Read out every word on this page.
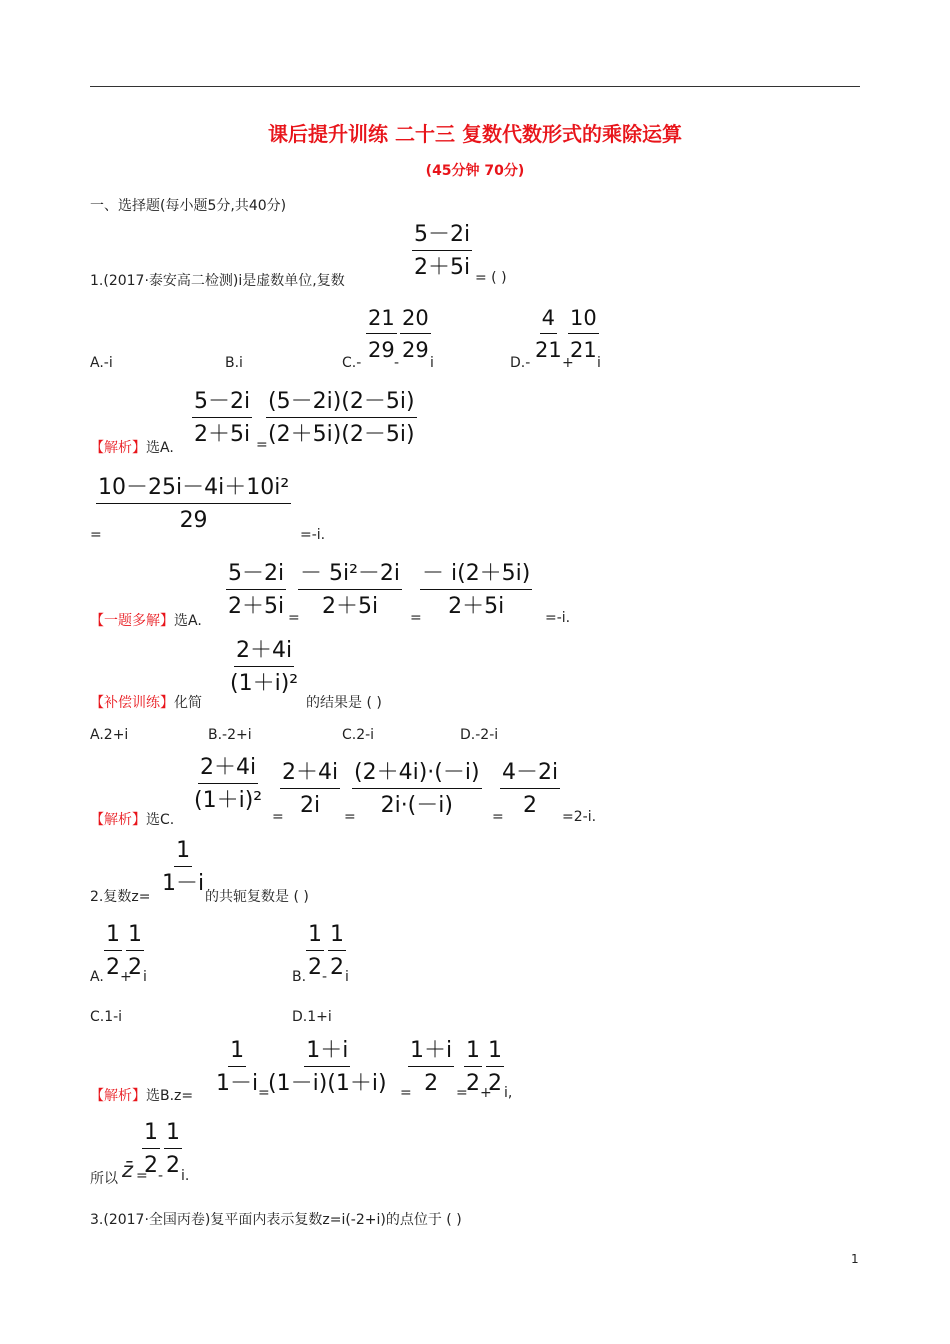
课后提升训练 二十三 复数代数形式的乘除运算
(45分钟 70分)
一、选择题(每小题5分,共40分)
5－2i
2＋5i
1.(2017·泰安高二检测)i是虚数单位,复数	= ( )
A.-i	B.i	C.-
21
29
-
20
29
i	D.-
4
21
+
10
21
i
【解析】选A.
5－2i
2＋5i =
(5－2i)(2－5i)
(2＋5i)(2－5i)
10－25i－4i＋10i²
29
=	=-i.
【一题多解】选A.
5－2i
2＋5i =
－ 5i²－2i
2＋5i =
－ i(2＋5i)
2＋5i	=-i.
【补偿训练】化简
2＋4i
(1＋i)²
的结果是 ( )
A.2+i	B.-2+i	C.2-i	D.-2-i
【解析】选C.
2＋4i
(1＋i)²
=
2＋4i
2i =
(2＋4i)·(－i)
2i·(－i)	=
4－2i
2 =2-i.
2.复数z=
1
1－i
的共轭复数是 ( )
A.
1
2 +
1
2 i	B.
1
2 -
1
2 i
C.1-i	D.1+i
【解析】选B.z=
1
1－i =
1＋i
(1－i)(1＋i) =
1＋i
2 =
1
2 +
1
2 i,
所以 z̄ =
1
2 -
1
2 i.
3.(2017·全国丙卷)复平面内表示复数z=i(-2+i)的点位于 ( )
1
